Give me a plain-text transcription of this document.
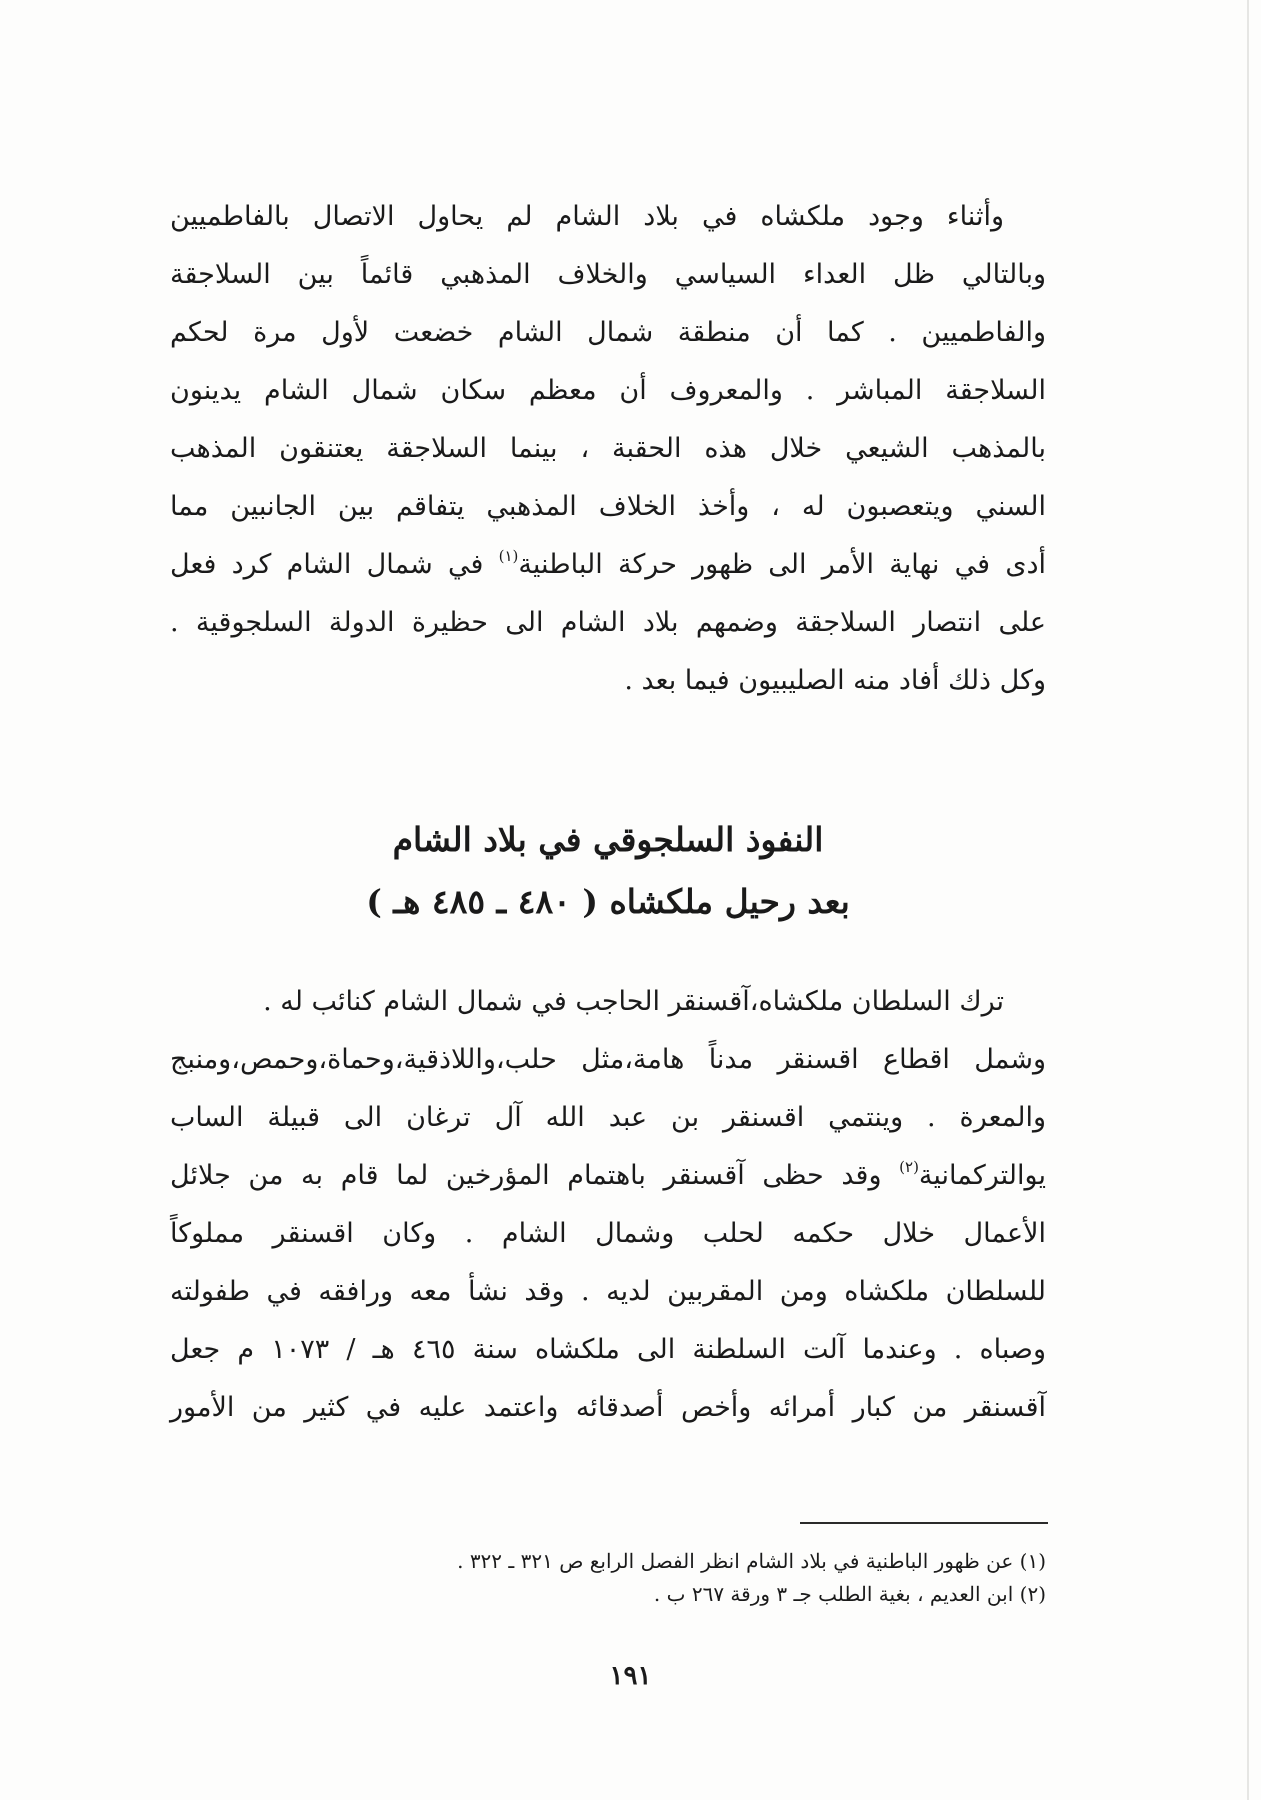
وأثناء وجود ملكشاه في بلاد الشام لم يحاول الاتصال بالفاطميين
وبالتالي ظل العداء السياسي والخلاف المذهبي قائماً بين السلاجقة
والفاطميين . كما أن منطقة شمال الشام خضعت لأول مرة لحكم
السلاجقة المباشر . والمعروف أن معظم سكان شمال الشام يدينون
بالمذهب الشيعي خلال هذه الحقبة ، بينما السلاجقة يعتنقون المذهب
السني ويتعصبون له ، وأخذ الخلاف المذهبي يتفاقم بين الجانبين مما
أدى في نهاية الأمر الى ظهور حركة الباطنية$^{(١)}$ في شمال الشام كرد فعل
على انتصار السلاجقة وضمهم بلاد الشام الى حظيرة الدولة السلجوقية .
وكل ذلك أفاد منه الصليبيون فيما بعد .
النفوذ السلجوقي في بلاد الشام
بعد رحيل ملكشاه ( ٤٨٠ ـ ٤٨٥ هـ )
ترك السلطان ملكشاه،آقسنقر الحاجب في شمال الشام كنائب له .
وشمل اقطاع اقسنقر مدناً هامة،مثل حلب،واللاذقية،وحماة،وحمص،ومنبج
والمعرة . وينتمي اقسنقر بن عبد الله آل ترغان الى قبيلة الساب
يوالتركمانية$^{(٢)}$ وقد حظى آقسنقر باهتمام المؤرخين لما قام به من جلائل
الأعمال خلال حكمه لحلب وشمال الشام . وكان اقسنقر مملوكاً
للسلطان ملكشاه ومن المقربين لديه . وقد نشأ معه ورافقه في طفولته
وصباه . وعندما آلت السلطنة الى ملكشاه سنة ٤٦٥ هـ / ١٠٧٣ م جعل
آقسنقر من كبار أمرائه وأخص أصدقائه واعتمد عليه في كثير من الأمور
(١) عن ظهور الباطنية في بلاد الشام انظر الفصل الرابع ص ٣٢١ ـ ٣٢٢ .
(٢) ابن العديم ، بغية الطلب جـ ٣ ورقة ٢٦٧ ب .
١٩١
